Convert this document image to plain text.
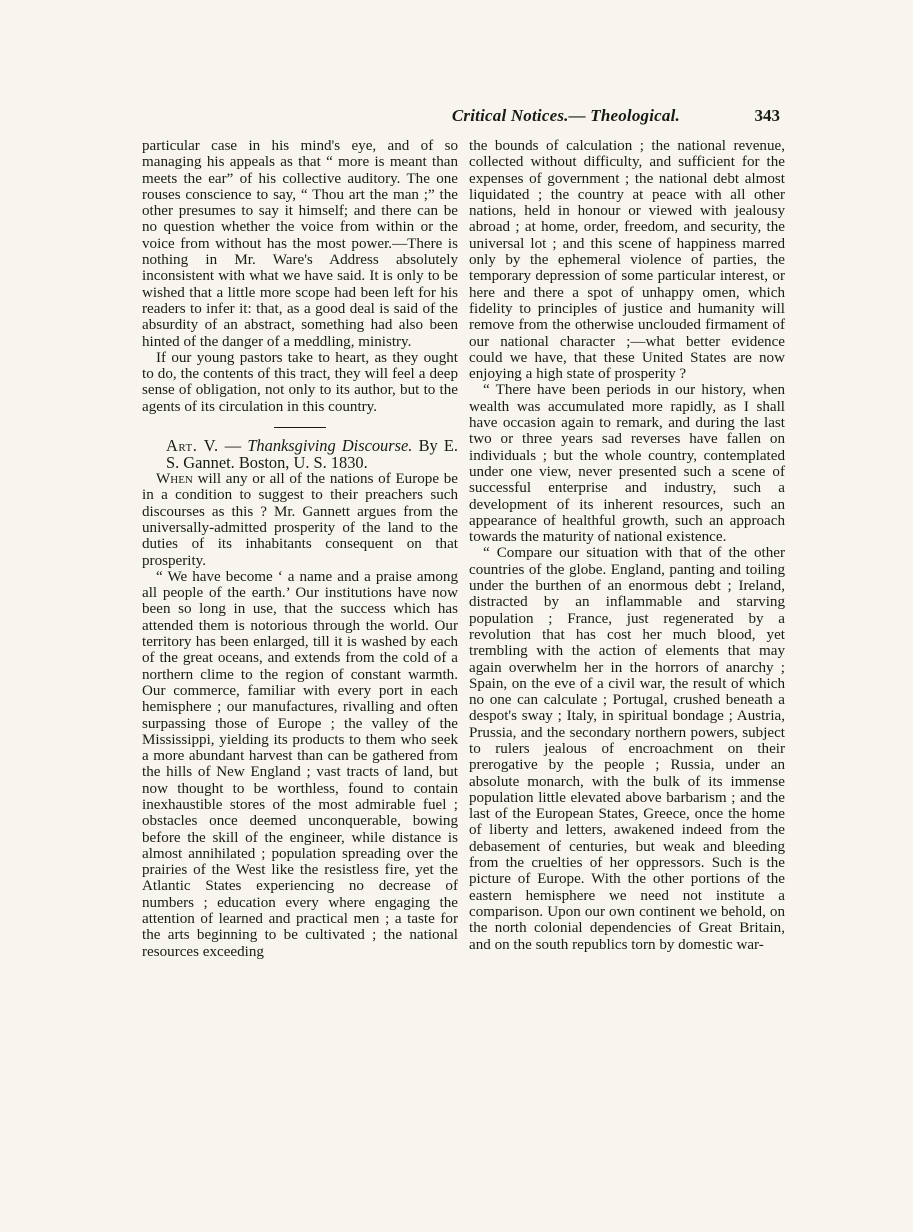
Critical Notices.— Theological.	343

particular case in his mind's eye, and of so managing his appeals as that “ more is meant than meets the ear” of his collective auditory. The one rouses conscience to say, “ Thou art the man ;” the other presumes to say it himself; and there can be no question whether the voice from within or the voice from without has the most power.—There is nothing in Mr. Ware's Address absolutely inconsistent with what we have said. It is only to be wished that a little more scope had been left for his readers to infer it: that, as a good deal is said of the absurdity of an abstract, something had also been hinted of the danger of a meddling, ministry.

If our young pastors take to heart, as they ought to do, the contents of this tract, they will feel a deep sense of obligation, not only to its author, but to the agents of its circulation in this country.

Art. V. — Thanksgiving Discourse. By E. S. Gannet. Boston, U. S. 1830.

When will any or all of the nations of Europe be in a condition to suggest to their preachers such discourses as this ? Mr. Gannett argues from the universally-admitted prosperity of the land to the duties of its inhabitants consequent on that prosperity.

“ We have become ‘ a name and a praise among all people of the earth.’ Our institutions have now been so long in use, that the success which has attended them is notorious through the world. Our territory has been enlarged, till it is washed by each of the great oceans, and extends from the cold of a northern clime to the region of constant warmth. Our commerce, familiar with every port in each hemisphere ; our manufactures, rivalling and often surpassing those of Europe ; the valley of the Mississippi, yielding its products to them who seek a more abundant harvest than can be gathered from the hills of New England ; vast tracts of land, but now thought to be worthless, found to contain inexhaustible stores of the most admirable fuel ; obstacles once deemed unconquerable, bowing before the skill of the engineer, while distance is almost annihilated ; population spreading over the prairies of the West like the resistless fire, yet the Atlantic States experiencing no decrease of numbers ; education every where engaging the attention of learned and practical men ; a taste for the arts beginning to be cultivated ; the national resources exceeding

the bounds of calculation ; the national revenue, collected without difficulty, and sufficient for the expenses of government ; the national debt almost liquidated ; the country at peace with all other nations, held in honour or viewed with jealousy abroad ; at home, order, freedom, and security, the universal lot ; and this scene of happiness marred only by the ephemeral violence of parties, the temporary depression of some particular interest, or here and there a spot of unhappy omen, which fidelity to principles of justice and humanity will remove from the otherwise unclouded firmament of our national character ;—what better evidence could we have, that these United States are now enjoying a high state of prosperity ?

“ There have been periods in our history, when wealth was accumulated more rapidly, as I shall have occasion again to remark, and during the last two or three years sad reverses have fallen on individuals ; but the whole country, contemplated under one view, never presented such a scene of successful enterprise and industry, such a development of its inherent resources, such an appearance of healthful growth, such an approach towards the maturity of national existence.

“ Compare our situation with that of the other countries of the globe. England, panting and toiling under the burthen of an enormous debt ; Ireland, distracted by an inflammable and starving population ; France, just regenerated by a revolution that has cost her much blood, yet trembling with the action of elements that may again overwhelm her in the horrors of anarchy ; Spain, on the eve of a civil war, the result of which no one can calculate ; Portugal, crushed beneath a despot's sway ; Italy, in spiritual bondage ; Austria, Prussia, and the secondary northern powers, subject to rulers jealous of encroachment on their prerogative by the people ; Russia, under an absolute monarch, with the bulk of its immense population little elevated above barbarism ; and the last of the European States, Greece, once the home of liberty and letters, awakened indeed from the debasement of centuries, but weak and bleeding from the cruelties of her oppressors. Such is the picture of Europe. With the other portions of the eastern hemisphere we need not institute a comparison. Upon our own continent we behold, on the north colonial dependencies of Great Britain, and on the south republics torn by domestic war-
